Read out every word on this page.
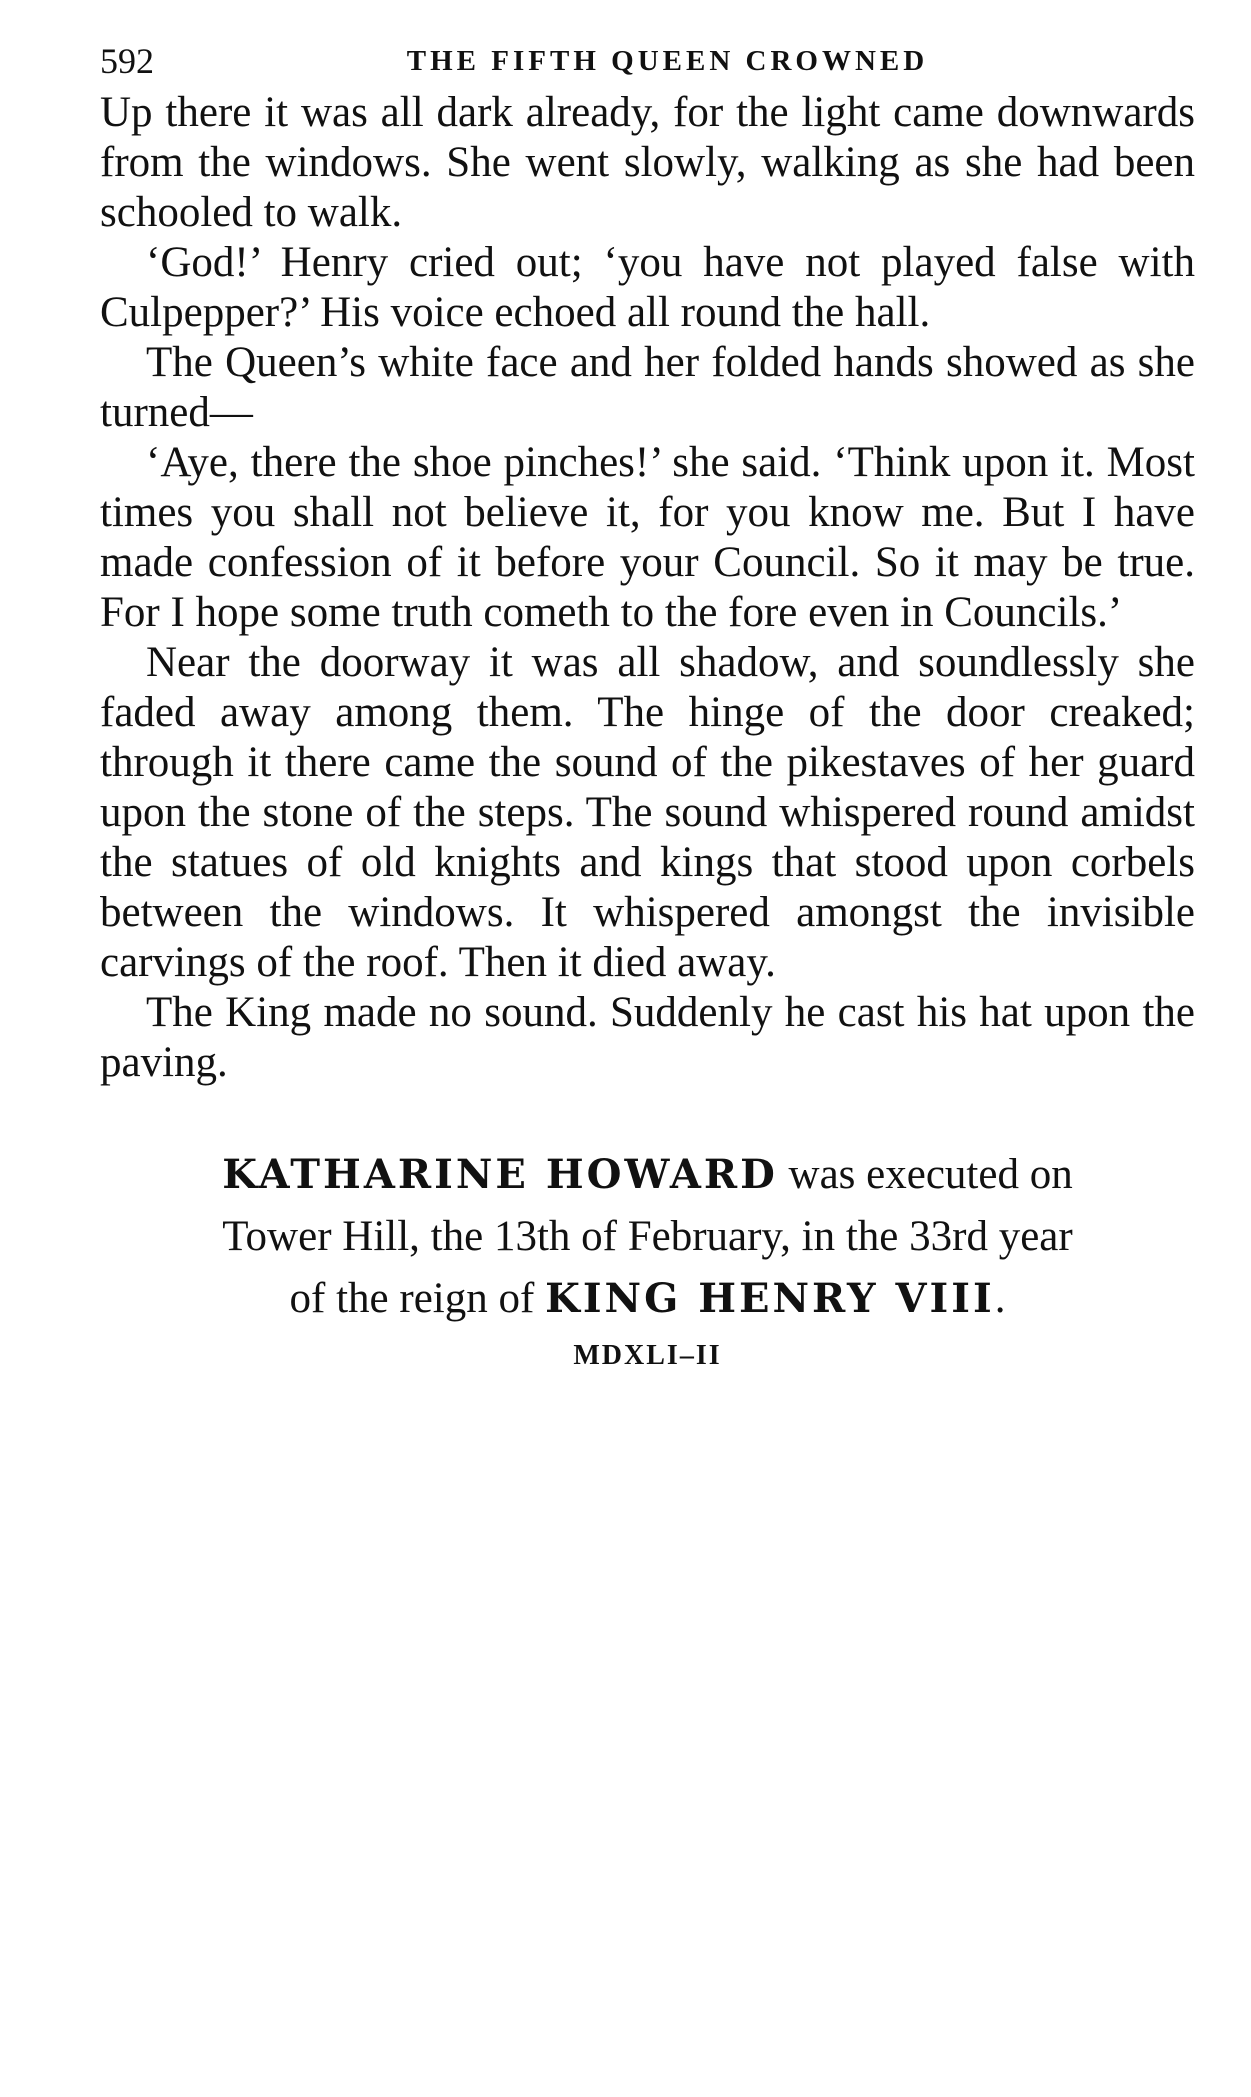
592	THE FIFTH QUEEN CROWNED

Up there it was all dark already, for the light came downwards from the windows. She went slowly, walking as she had been schooled to walk.

‘God!’ Henry cried out; ‘you have not played false with Culpepper?’ His voice echoed all round the hall.

The Queen’s white face and her folded hands showed as she turned—

‘Aye, there the shoe pinches!’ she said. ‘Think upon it. Most times you shall not believe it, for you know me. But I have made confession of it before your Council. So it may be true. For I hope some truth cometh to the fore even in Councils.’

Near the doorway it was all shadow, and soundlessly she faded away among them. The hinge of the door creaked; through it there came the sound of the pikestaves of her guard upon the stone of the steps. The sound whispered round amidst the statues of old knights and kings that stood upon corbels between the windows. It whispered amongst the invisible carvings of the roof. Then it died away.

The King made no sound. Suddenly he cast his hat upon the paving.

KATHARINE HOWARD was executed on
Tower Hill, the 13th of February, in the 33rd year
of the reign of KING HENRY VIII.
MDXLI–II
